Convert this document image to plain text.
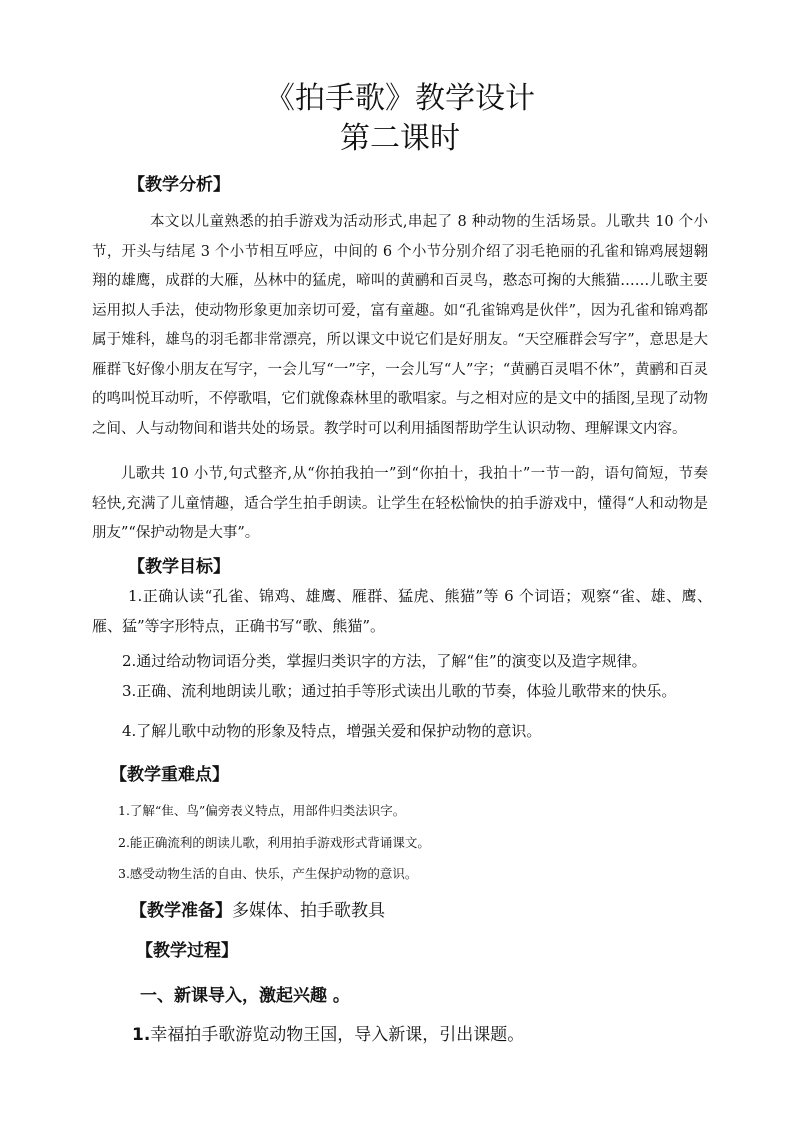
《拍手歌》教学设计
第二课时
【教学分析】

本文以儿童熟悉的拍手游戏为活动形式,串起了 8 种动物的生活场景。儿歌共 10 个小节，开头与结尾 3 个小节相互呼应，中间的 6 个小节分别介绍了羽毛艳丽的孔雀和锦鸡展翅翱翔的雄鹰，成群的大雁，丛林中的猛虎，啼叫的黄鹂和百灵鸟，憨态可掬的大熊猫……儿歌主要运用拟人手法，使动物形象更加亲切可爱，富有童趣。如“孔雀锦鸡是伙伴”，因为孔雀和锦鸡都属于雉科，雄鸟的羽毛都非常漂亮，所以课文中说它们是好朋友。“天空雁群会写字”，意思是大雁群飞好像小朋友在写字，一会儿写“一”字，一会儿写“人”字；“黄鹂百灵唱不休”，黄鹂和百灵的鸣叫悦耳动听，不停歌唱，它们就像森林里的歌唱家。与之相对应的是文中的插图,呈现了动物之间、人与动物间和谐共处的场景。教学时可以利用插图帮助学生认识动物、理解课文内容。

儿歌共 10 小节,句式整齐,从“你拍我拍一”到“你拍十，我拍十”一节一韵，语句简短，节奏轻快,充满了儿童情趣，适合学生拍手朗读。让学生在轻松愉快的拍手游戏中，懂得“人和动物是朋友”“保护动物是大事”。

【教学目标】

1.正确认读“孔雀、锦鸡、雄鹰、雁群、猛虎、熊猫”等 6 个词语；观察“雀、雄、鹰、雁、猛”等字形特点，正确书写“歌、熊猫”。

2.通过给动物词语分类，掌握归类识字的方法，了解“隹”的演变以及造字规律。

3.正确、流利地朗读儿歌；通过拍手等形式读出儿歌的节奏，体验儿歌带来的快乐。

4.了解儿歌中动物的形象及特点，增强关爱和保护动物的意识。

【教学重难点】

1.了解“隹、鸟”偏旁表义特点，用部件归类法识字。

2.能正确流利的朗读儿歌，利用拍手游戏形式背诵课文。

3.感受动物生活的自由、快乐，产生保护动物的意识。

【教学准备】多媒体、拍手歌教具
【教学过程】
一、新课导入，激起兴趣 。
1.幸福拍手歌游览动物王国，导入新课，引出课题。
